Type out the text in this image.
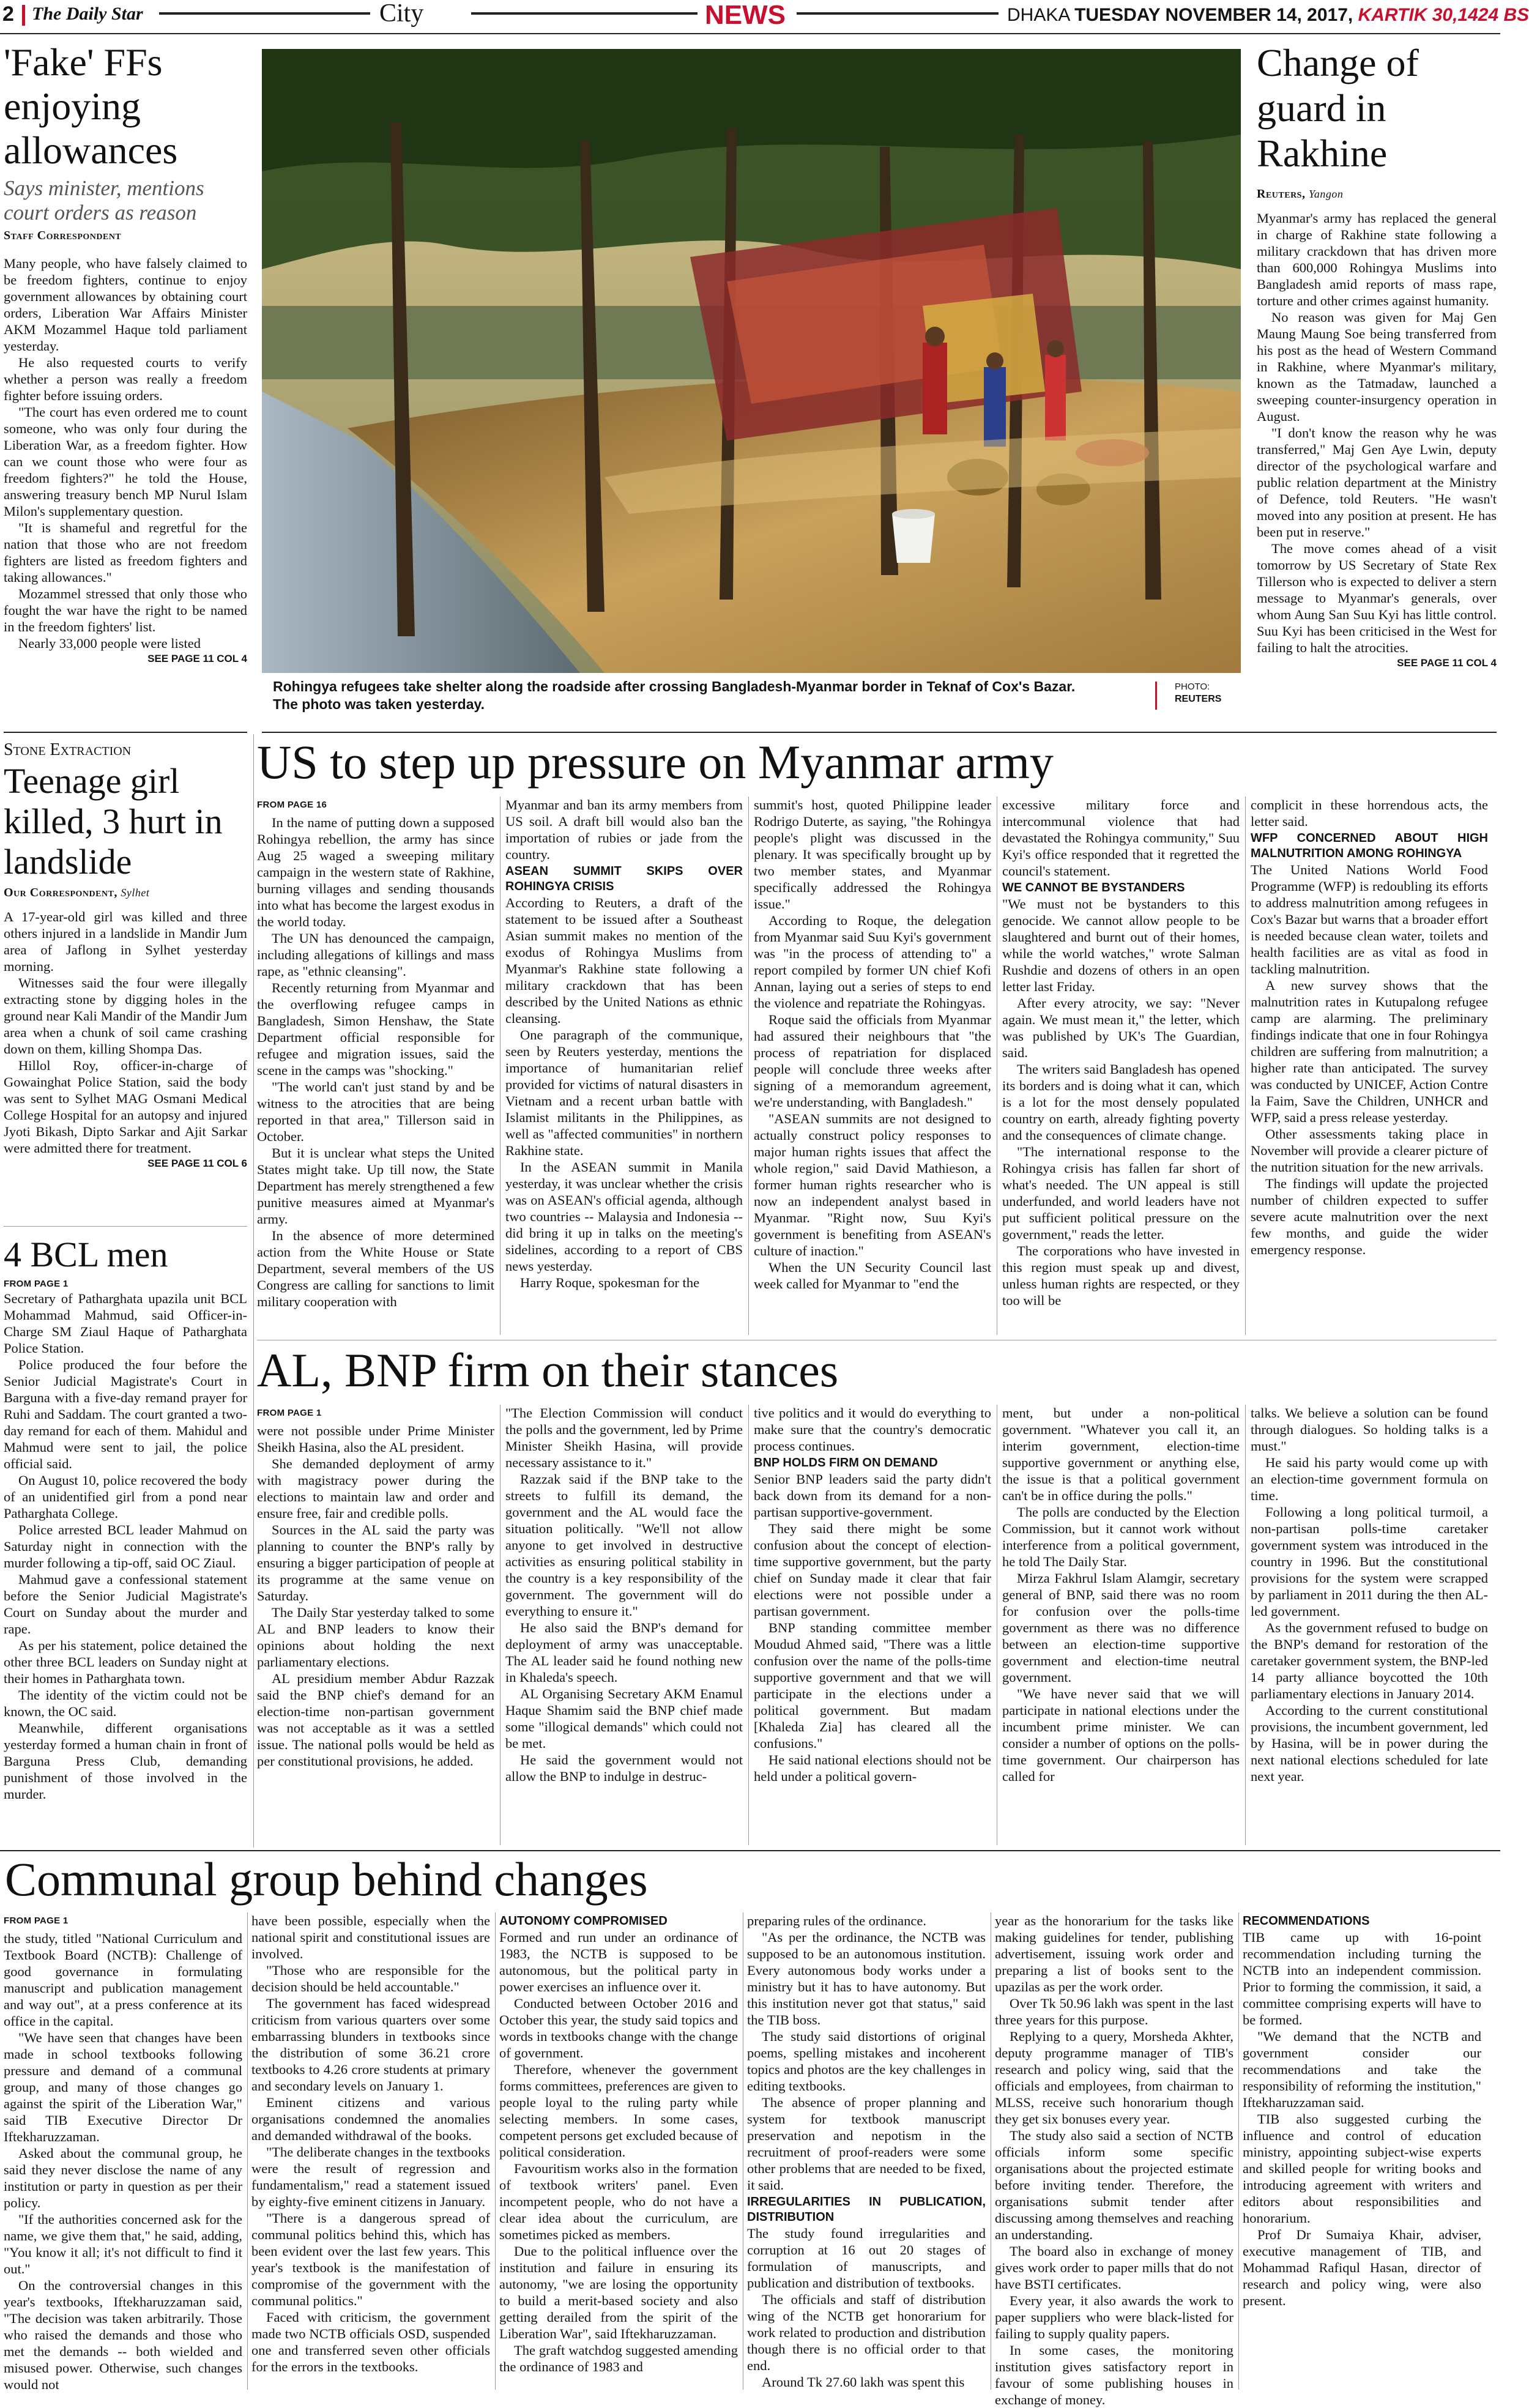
2 The Daily Star	City	NEWS	DHAKA TUESDAY NOVEMBER 14, 2017, KARTIK 30,1424 BS
'Fake' FFs enjoying allowances
Says minister, mentions court orders as reason
Staff Correspondent

Many people, who have falsely claimed to be freedom fighters, continue to enjoy government allowances by obtaining court orders, Liberation War Affairs Minister AKM Mozammel Haque told parliament yesterday.

He also requested courts to verify whether a person was really a freedom fighter before issuing orders.

"The court has even ordered me to count someone, who was only four during the Liberation War, as a freedom fighter. How can we count those who were four as freedom fighters?" he told the House, answering treasury bench MP Nurul Islam Milon's supplementary question.

"It is shameful and regretful for the nation that those who are not freedom fighters are listed as freedom fighters and taking allowances."

Mozammel stressed that only those who fought the war have the right to be named in the freedom fighters' list.

Nearly 33,000 people were listed

SEE PAGE 11 COL 4
Rohingya refugees take shelter along the roadside after crossing Bangladesh-Myanmar border in Teknaf of Cox's Bazar. The photo was taken yesterday.
PHOTO:
REUTERS
Change of guard in Rakhine
Reuters, Yangon

Myanmar's army has replaced the general in charge of Rakhine state following a military crackdown that has driven more than 600,000 Rohingya Muslims into Bangladesh amid reports of mass rape, torture and other crimes against humanity.

No reason was given for Maj Gen Maung Maung Soe being transferred from his post as the head of Western Command in Rakhine, where Myanmar's military, known as the Tatmadaw, launched a sweeping counter-insurgency operation in August.

"I don't know the reason why he was transferred," Maj Gen Aye Lwin, deputy director of the psychological warfare and public relation department at the Ministry of Defence, told Reuters. "He wasn't moved into any position at present. He has been put in reserve."

The move comes ahead of a visit tomorrow by US Secretary of State Rex Tillerson who is expected to deliver a stern message to Myanmar's generals, over whom Aung San Suu Kyi has little control. Suu Kyi has been criticised in the West for failing to halt the atrocities.

SEE PAGE 11 COL 4
Stone Extraction
Teenage girl killed, 3 hurt in landslide
Our Correspondent, Sylhet

A 17-year-old girl was killed and three others injured in a landslide in Mandir Jum area of Jaflong in Sylhet yesterday morning.

Witnesses said the four were illegally extracting stone by digging holes in the ground near Kali Mandir of the Mandir Jum area when a chunk of soil came crashing down on them, killing Shompa Das.

Hillol Roy, officer-in-charge of Gowainghat Police Station, said the body was sent to Sylhet MAG Osmani Medical College Hospital for an autopsy and injured Jyoti Bikash, Dipto Sarkar and Ajit Sarkar were admitted there for treatment.

SEE PAGE 11 COL 6
4 BCL men
FROM PAGE 1

Secretary of Patharghata upazila unit BCL Mohammad Mahmud, said Officer-in-Charge SM Ziaul Haque of Patharghata Police Station.

Police produced the four before the Senior Judicial Magistrate's Court in Barguna with a five-day remand prayer for Ruhi and Saddam. The court granted a two- day remand for each of them. Mahidul and Mahmud were sent to jail, the police official said.

On August 10, police recovered the body of an unidentified girl from a pond near Patharghata College.

Police arrested BCL leader Mahmud on Saturday night in connection with the murder following a tip-off, said OC Ziaul.

Mahmud gave a confessional statement before the Senior Judicial Magistrate's Court on Sunday about the murder and rape.

As per his statement, police detained the other three BCL leaders on Sunday night at their homes in Patharghata town.

The identity of the victim could not be known, the OC said.

Meanwhile, different organisations yesterday formed a human chain in front of Barguna Press Club, demanding punishment of those involved in the murder.

US to step up pressure on Myanmar army
FROM PAGE 16

In the name of putting down a supposed Rohingya rebellion, the army has since Aug 25 waged a sweeping military campaign in the western state of Rakhine, burning villages and sending thousands into what has become the largest exodus in the world today.

The UN has denounced the campaign, including allegations of killings and mass rape, as "ethnic cleansing".

Recently returning from Myanmar and the overflowing refugee camps in Bangladesh, Simon Henshaw, the State Department official responsible for refugee and migration issues, said the scene in the camps was "shocking."

"The world can't just stand by and be witness to the atrocities that are being reported in that area," Tillerson said in October.

But it is unclear what steps the United States might take. Up till now, the State Department has merely strengthened a few punitive measures aimed at Myanmar's army.

In the absence of more determined action from the White House or State Department, several members of the US Congress are calling for sanctions to limit military cooperation with

Myanmar and ban its army members from US soil. A draft bill would also ban the importation of rubies or jade from the country.

ASEAN SUMMIT SKIPS OVER ROHINGYA CRISIS

According to Reuters, a draft of the statement to be issued after a Southeast Asian summit makes no mention of the exodus of Rohingya Muslims from Myanmar's Rakhine state following a military crackdown that has been described by the United Nations as ethnic cleansing.

One paragraph of the communique, seen by Reuters yesterday, mentions the importance of humanitarian relief provided for victims of natural disasters in Vietnam and a recent urban battle with Islamist militants in the Philippines, as well as "affected communities" in northern Rakhine state.

In the ASEAN summit in Manila yesterday, it was unclear whether the crisis was on ASEAN's official agenda, although two countries -- Malaysia and Indonesia -- did bring it up in talks on the meeting's sidelines, according to a report of CBS news yesterday.

Harry Roque, spokesman for the

summit's host, quoted Philippine leader Rodrigo Duterte, as saying, "the Rohingya people's plight was discussed in the plenary. It was specifically brought up by two member states, and Myanmar specifically addressed the Rohingya issue."

According to Roque, the delegation from Myanmar said Suu Kyi's government was "in the process of attending to" a report compiled by former UN chief Kofi Annan, laying out a series of steps to end the violence and repatriate the Rohingyas.

Roque said the officials from Myanmar had assured their neighbours that "the process of repatriation for displaced people will conclude three weeks after signing of a memorandum agreement, we're understanding, with Bangladesh."

"ASEAN summits are not designed to actually construct policy responses to major human rights issues that affect the whole region," said David Mathieson, a former human rights researcher who is now an independent analyst based in Myanmar. "Right now, Suu Kyi's government is benefiting from ASEAN's culture of inaction."

When the UN Security Council last week called for Myanmar to "end the

excessive military force and intercommunal violence that had devastated the Rohingya community," Suu Kyi's office responded that it regretted the council's statement.

WE CANNOT BE BYSTANDERS

"We must not be bystanders to this genocide. We cannot allow people to be slaughtered and burnt out of their homes, while the world watches," wrote Salman Rushdie and dozens of others in an open letter last Friday.

After every atrocity, we say: "Never again. We must mean it," the letter, which was published by UK's The Guardian, said.

The writers said Bangladesh has opened its borders and is doing what it can, which is a lot for the most densely populated country on earth, already fighting poverty and the consequences of climate change.

"The international response to the Rohingya crisis has fallen far short of what's needed. The UN appeal is still underfunded, and world leaders have not put sufficient political pressure on the government," reads the letter.

The corporations who have invested in this region must speak up and divest, unless human rights are respected, or they too will be

complicit in these horrendous acts, the letter said.

WFP CONCERNED ABOUT HIGH MALNUTRITION AMONG ROHINGYA

The United Nations World Food Programme (WFP) is redoubling its efforts to address malnutrition among refugees in Cox's Bazar but warns that a broader effort is needed because clean water, toilets and health facilities are as vital as food in tackling malnutrition.

A new survey shows that the malnutrition rates in Kutupalong refugee camp are alarming. The preliminary findings indicate that one in four Rohingya children are suffering from malnutrition; a higher rate than anticipated. The survey was conducted by UNICEF, Action Contre la Faim, Save the Children, UNHCR and WFP, said a press release yesterday.

Other assessments taking place in November will provide a clearer picture of the nutrition situation for the new arrivals.

The findings will update the projected number of children expected to suffer severe acute malnutrition over the next few months, and guide the wider emergency response.

AL, BNP firm on their stances
FROM PAGE 1

were not possible under Prime Minister Sheikh Hasina, also the AL president.

She demanded deployment of army with magistracy power during the elections to maintain law and order and ensure free, fair and credible polls.

Sources in the AL said the party was planning to counter the BNP's rally by ensuring a bigger participation of people at its programme at the same venue on Saturday.

The Daily Star yesterday talked to some AL and BNP leaders to know their opinions about holding the next parliamentary elections.

AL presidium member Abdur Razzak said the BNP chief's demand for an election-time non-partisan government was not acceptable as it was a settled issue. The national polls would be held as per constitutional provisions, he added.

"The Election Commission will conduct the polls and the government, led by Prime Minister Sheikh Hasina, will provide necessary assistance to it."

Razzak said if the BNP take to the streets to fulfill its demand, the government and the AL would face the situation politically. "We'll not allow anyone to get involved in destructive activities as ensuring political stability in the country is a key responsibility of the government. The government will do everything to ensure it."

He also said the BNP's demand for deployment of army was unacceptable. The AL leader said he found nothing new in Khaleda's speech.

AL Organising Secretary AKM Enamul Haque Shamim said the BNP chief made some "illogical demands" which could not be met.

He said the government would not allow the BNP to indulge in destruc-

tive politics and it would do everything to make sure that the country's democratic process continues.

BNP HOLDS FIRM ON DEMAND

Senior BNP leaders said the party didn't back down from its demand for a non-partisan supportive-government.

They said there might be some confusion about the concept of election-time supportive government, but the party chief on Sunday made it clear that fair elections were not possible under a partisan government.

BNP standing committee member Moudud Ahmed said, "There was a little confusion over the name of the polls-time supportive government and that we will participate in the elections under a political government. But madam [Khaleda Zia] has cleared all the confusions."

He said national elections should not be held under a political govern-

ment, but under a non-political government. "Whatever you call it, an interim government, election-time supportive government or anything else, the issue is that a political government can't be in office during the polls."

The polls are conducted by the Election Commission, but it cannot work without interference from a political government, he told The Daily Star.

Mirza Fakhrul Islam Alamgir, secretary general of BNP, said there was no room for confusion over the polls-time government as there was no difference between an election-time supportive government and election-time neutral government.

"We have never said that we will participate in national elections under the incumbent prime minister. We can consider a number of options on the polls-time government. Our chairperson has called for

talks. We believe a solution can be found through dialogues. So holding talks is a must."

He said his party would come up with an election-time government formula on time.

Following a long political turmoil, a non-partisan polls-time caretaker government system was introduced in the country in 1996. But the constitutional provisions for the system were scrapped by parliament in 2011 during the then AL-led government.

As the government refused to budge on the BNP's demand for restoration of the caretaker government system, the BNP-led 14 party alliance boycotted the 10th parliamentary elections in January 2014.

According to the current constitutional provisions, the incumbent government, led by Hasina, will be in power during the next national elections scheduled for late next year.

Communal group behind changes
FROM PAGE 1

the study, titled "National Curriculum and Textbook Board (NCTB): Challenge of good governance in formulating manuscript and publication management and way out", at a press conference at its office in the capital.

"We have seen that changes have been made in school textbooks following pressure and demand of a communal group, and many of those changes go against the spirit of the Liberation War," said TIB Executive Director Dr Iftekharuzzaman.

Asked about the communal group, he said they never disclose the name of any institution or party in question as per their policy.

"If the authorities concerned ask for the name, we give them that," he said, adding, "You know it all; it's not difficult to find it out."

On the controversial changes in this year's textbooks, Iftekharuzzaman said, "The decision was taken arbitrarily. Those who raised the demands and those who met the demands -- both wielded and misused power. Otherwise, such changes would not

have been possible, especially when the national spirit and constitutional issues are involved.

"Those who are responsible for the decision should be held accountable."

The government has faced widespread criticism from various quarters over some embarrassing blunders in textbooks since the distribution of some 36.21 crore textbooks to 4.26 crore students at primary and secondary levels on January 1.

Eminent citizens and various organisations condemned the anomalies and demanded withdrawal of the books.

"The deliberate changes in the textbooks were the result of regression and fundamentalism," read a statement issued by eighty-five eminent citizens in January.

"There is a dangerous spread of communal politics behind this, which has been evident over the last few years. This year's textbook is the manifestation of compromise of the government with the communal politics."

Faced with criticism, the government made two NCTB officials OSD, suspended one and transferred seven other officials for the errors in the textbooks.

AUTONOMY COMPROMISED

Formed and run under an ordinance of 1983, the NCTB is supposed to be autonomous, but the political party in power exercises an influence over it.

Conducted between October 2016 and October this year, the study said topics and words in textbooks change with the change of government.

Therefore, whenever the government forms committees, preferences are given to people loyal to the ruling party while selecting members. In some cases, competent persons get excluded because of political consideration.

Favouritism works also in the formation of textbook writers' panel. Even incompetent people, who do not have a clear idea about the curriculum, are sometimes picked as members.

Due to the political influence over the institution and failure in ensuring its autonomy, "we are losing the opportunity to build a merit-based society and also getting derailed from the spirit of the Liberation War", said Iftekharuzzaman.

The graft watchdog suggested amending the ordinance of 1983 and

preparing rules of the ordinance.

"As per the ordinance, the NCTB was supposed to be an autonomous institution. Every autonomous body works under a ministry but it has to have autonomy. But this institution never got that status," said the TIB boss.

The study said distortions of original poems, spelling mistakes and incoherent topics and photos are the key challenges in editing textbooks.

The absence of proper planning and system for textbook manuscript preservation and nepotism in the recruitment of proof-readers were some other problems that are needed to be fixed, it said.

IRREGULARITIES IN PUBLICATION, DISTRIBUTION

The study found irregularities and corruption at 16 out 20 stages of formulation of manuscripts, and publication and distribution of textbooks.

The officials and staff of distribution wing of the NCTB get honorarium for work related to production and distribution though there is no official order to that end.

Around Tk 27.60 lakh was spent this

year as the honorarium for the tasks like making guidelines for tender, publishing advertisement, issuing work order and preparing a list of books sent to the upazilas as per the work order.

Over Tk 50.96 lakh was spent in the last three years for this purpose.

Replying to a query, Morsheda Akhter, deputy programme manager of TIB's research and policy wing, said that the officials and employees, from chairman to MLSS, receive such honorarium though they get six bonuses every year.

The study also said a section of NCTB officials inform some specific organisations about the projected estimate before inviting tender. Therefore, the organisations submit tender after discussing among themselves and reaching an understanding.

The board also in exchange of money gives work order to paper mills that do not have BSTI certificates.

Every year, it also awards the work to paper suppliers who were black-listed for failing to supply quality papers.

In some cases, the monitoring institution gives satisfactory report in favour of some publishing houses in exchange of money.

RECOMMENDATIONS

TIB came up with 16-point recommendation including turning the NCTB into an independent commission. Prior to forming the commission, it said, a committee comprising experts will have to be formed.

"We demand that the NCTB and government consider our recommendations and take the responsibility of reforming the institution," Iftekharuzzaman said.

TIB also suggested curbing the influence and control of education ministry, appointing subject-wise experts and skilled people for writing books and introducing agreement with writers and editors about responsibilities and honorarium.

Prof Dr Sumaiya Khair, adviser, executive management of TIB, and Mohammad Rafiqul Hasan, director of research and policy wing, were also present.
